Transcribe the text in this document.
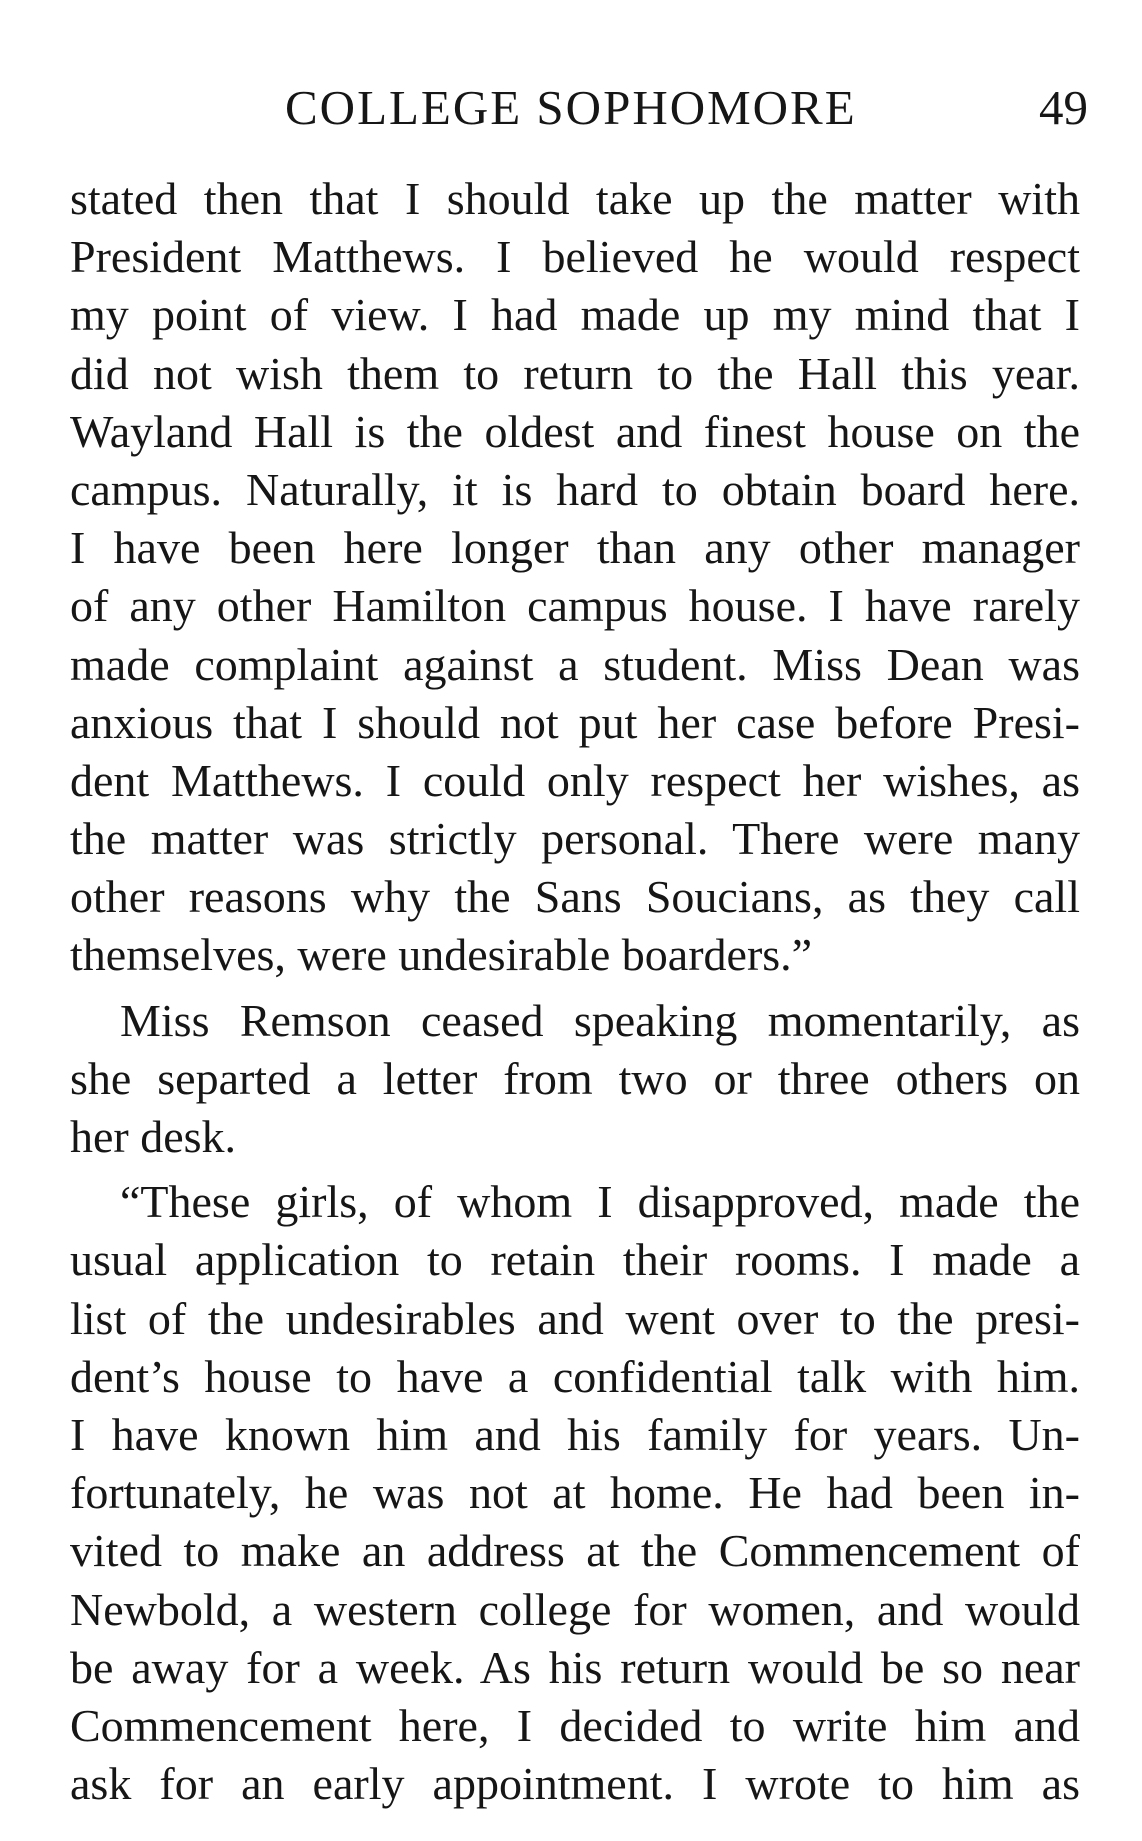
COLLEGE SOPHOMORE	49

stated then that I should take up the matter with
President Matthews. I believed he would respect
my point of view. I had made up my mind that I
did not wish them to return to the Hall this year.
Wayland Hall is the oldest and finest house on the
campus. Naturally, it is hard to obtain board here.
I have been here longer than any other manager
of any other Hamilton campus house. I have rarely
made complaint against a student. Miss Dean was
anxious that I should not put her case before Presi-
dent Matthews. I could only respect her wishes, as
the matter was strictly personal. There were many
other reasons why the Sans Soucians, as they call
themselves, were undesirable boarders.”

Miss Remson ceased speaking momentarily, as
she separted a letter from two or three others on
her desk.

“These girls, of whom I disapproved, made the
usual application to retain their rooms. I made a
list of the undesirables and went over to the presi-
dent’s house to have a confidential talk with him.
I have known him and his family for years. Un-
fortunately, he was not at home. He had been in-
vited to make an address at the Commencement of
Newbold, a western college for women, and would
be away for a week. As his return would be so near
Commencement here, I decided to write him and
ask for an early appointment. I wrote to him as
